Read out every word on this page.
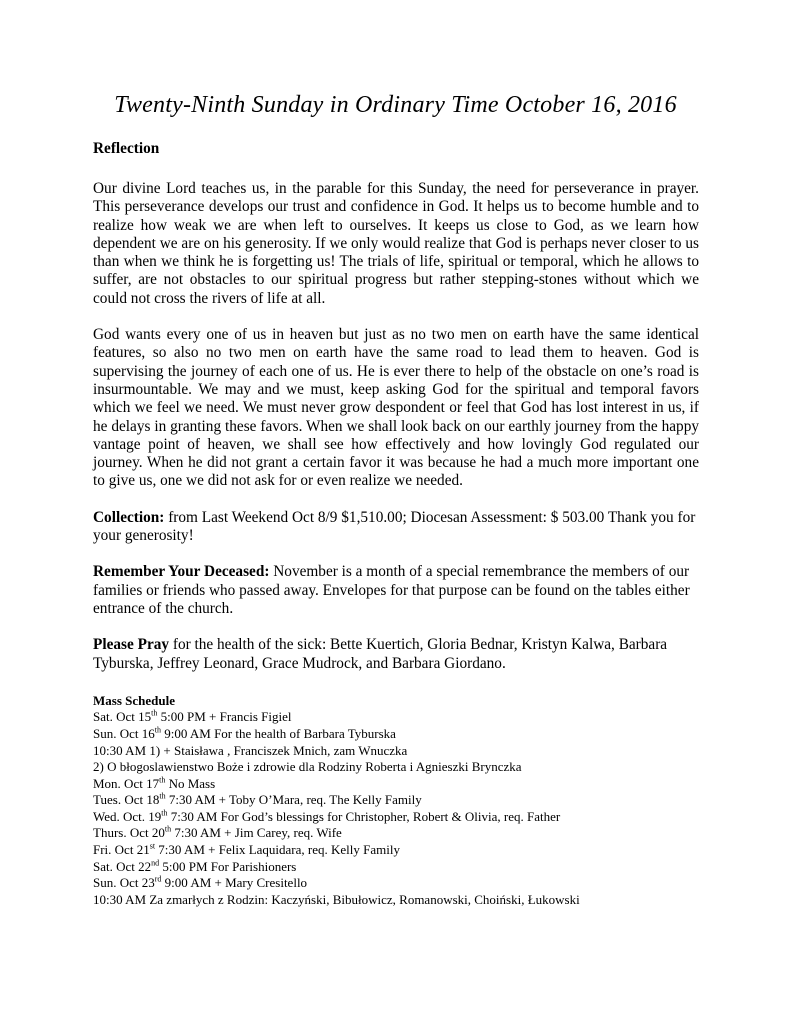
Twenty-Ninth Sunday in Ordinary Time October 16, 2016

Reflection

Our divine Lord teaches us, in the parable for this Sunday, the need for perseverance in prayer. This perseverance develops our trust and confidence in God. It helps us to become humble and to realize how weak we are when left to ourselves. It keeps us close to God, as we learn how dependent we are on his generosity. If we only would realize that God is perhaps never closer to us than when we think he is forgetting us! The trials of life, spiritual or temporal, which he allows to suffer, are not obstacles to our spiritual progress but rather stepping-stones without which we could not cross the rivers of life at all.

God wants every one of us in heaven but just as no two men on earth have the same identical features, so also no two men on earth have the same road to lead them to heaven. God is supervising the journey of each one of us. He is ever there to help of the obstacle on one’s road is insurmountable. We may and we must, keep asking God for the spiritual and temporal favors which we feel we need. We must never grow despondent or feel that God has lost interest in us, if he delays in granting these favors. When we shall look back on our earthly journey from the happy vantage point of heaven, we shall see how effectively and how lovingly God regulated our journey. When he did not grant a certain favor it was because he had a much more important one to give us, one we did not ask for or even realize we needed.

Collection: from Last Weekend Oct 8/9 $1,510.00; Diocesan Assessment: $ 503.00 Thank you for your generosity!

Remember Your Deceased: November is a month of a special remembrance the members of our families or friends who passed away. Envelopes for that purpose can be found on the tables either entrance of the church.

Please Pray for the health of the sick: Bette Kuertich, Gloria Bednar, Kristyn Kalwa, Barbara Tyburska, Jeffrey Leonard, Grace Mudrock, and Barbara Giordano.

Mass Schedule
Sat. Oct 15th 5:00 PM + Francis Figiel
Sun. Oct 16th 9:00 AM For the health of Barbara Tyburska
10:30 AM 1) + Staisława , Franciszek Mnich, zam Wnuczka
2) O błogoslawienstwo Boże i zdrowie dla Rodziny Roberta i Agnieszki Brynczka
Mon. Oct 17th No Mass
Tues. Oct 18th 7:30 AM + Toby O’Mara, req. The Kelly Family
Wed. Oct. 19th 7:30 AM For God’s blessings for Christopher, Robert & Olivia, req. Father
Thurs. Oct 20th 7:30 AM + Jim Carey, req. Wife
Fri. Oct 21st 7:30 AM + Felix Laquidara, req. Kelly Family
Sat. Oct 22nd 5:00 PM For Parishioners
Sun. Oct 23rd 9:00 AM + Mary Cresitello
10:30 AM Za zmarłych z Rodzin: Kaczyński, Bibułowicz, Romanowski, Choiński, Łukowski
